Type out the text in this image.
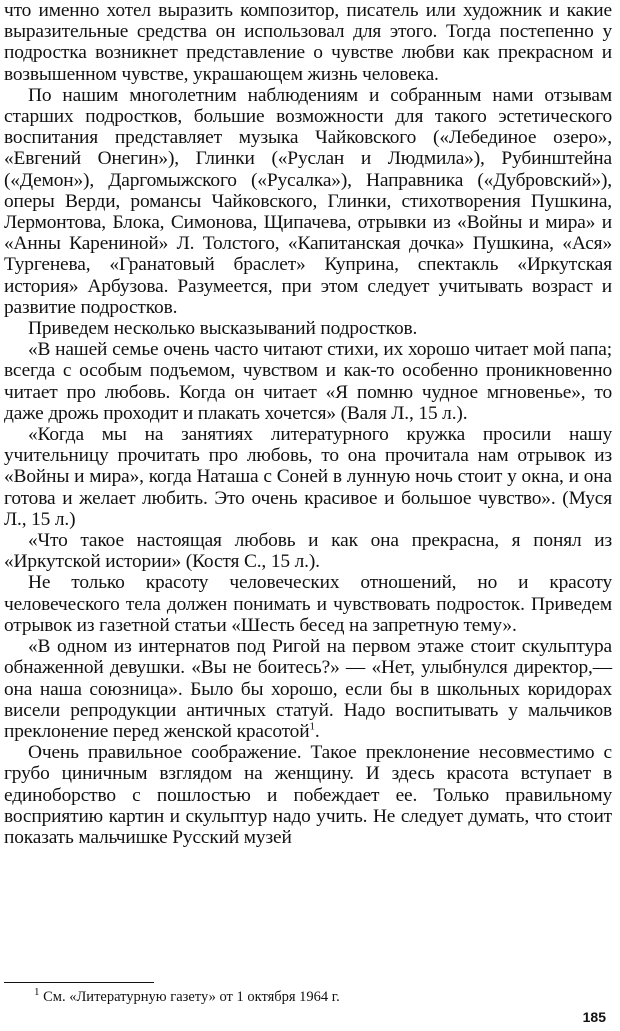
что именно хотел выразить композитор, писатель или художник и какие выразительные средства он использовал для этого. Тогда постепенно у подростка возникнет представление о чувстве любви как прекрасном и возвышенном чувстве, украшающем жизнь человека.

По нашим многолетним наблюдениям и собранным нами отзывам старших подростков, большие возможности для такого эстетического воспитания представляет музыка Чайковского («Лебединое озеро», «Евгений Онегин»), Глинки («Руслан и Людмила»), Рубинштейна («Демон»), Даргомыжского («Русалка»), Направника («Дубровский»), оперы Верди, романсы Чайковского, Глинки, стихотворения Пушкина, Лермонтова, Блока, Симонова, Щипачева, отрывки из «Войны и мира» и «Анны Карениной» Л. Толстого, «Капитанская дочка» Пушкина, «Ася» Тургенева, «Гранатовый браслет» Куприна, спектакль «Иркутская история» Арбузова. Разумеется, при этом следует учитывать возраст и развитие подростков.

Приведем несколько высказываний подростков.

«В нашей семье очень часто читают стихи, их хорошо читает мой папа; всегда с особым подъемом, чувством и как-то особенно проникновенно читает про любовь. Когда он читает «Я помню чудное мгновенье», то даже дрожь проходит и плакать хочется» (Валя Л., 15 л.).

«Когда мы на занятиях литературного кружка просили нашу учительницу прочитать про любовь, то она прочитала нам отрывок из «Войны и мира», когда Наташа с Соней в лунную ночь стоит у окна, и она готова и желает любить. Это очень красивое и большое чувство». (Муся Л., 15 л.)

«Что такое настоящая любовь и как она прекрасна, я понял из «Иркутской истории» (Костя С., 15 л.).

Не только красоту человеческих отношений, но и красоту человеческого тела должен понимать и чувствовать подросток. Приведем отрывок из газетной статьи «Шесть бесед на запретную тему».

«В одном из интернатов под Ригой на первом этаже стоит скульптура обнаженной девушки. «Вы не боитесь?» — «Нет, улыбнулся директор,— она наша союзница». Было бы хорошо, если бы в школьных коридорах висели репродукции античных статуй. Надо воспитывать у мальчиков преклонение перед женской красотой$^1$.

Очень правильное соображение. Такое преклонение несовместимо с грубо циничным взглядом на женщину. И здесь красота вступает в единоборство с пошлостью и побеждает ее. Только правильному восприятию картин и скульптур надо учить. Не следует думать, что стоит показать мальчишке Русский музей

$^1$ См. «Литературную газету» от 1 октября 1964 г.
185
